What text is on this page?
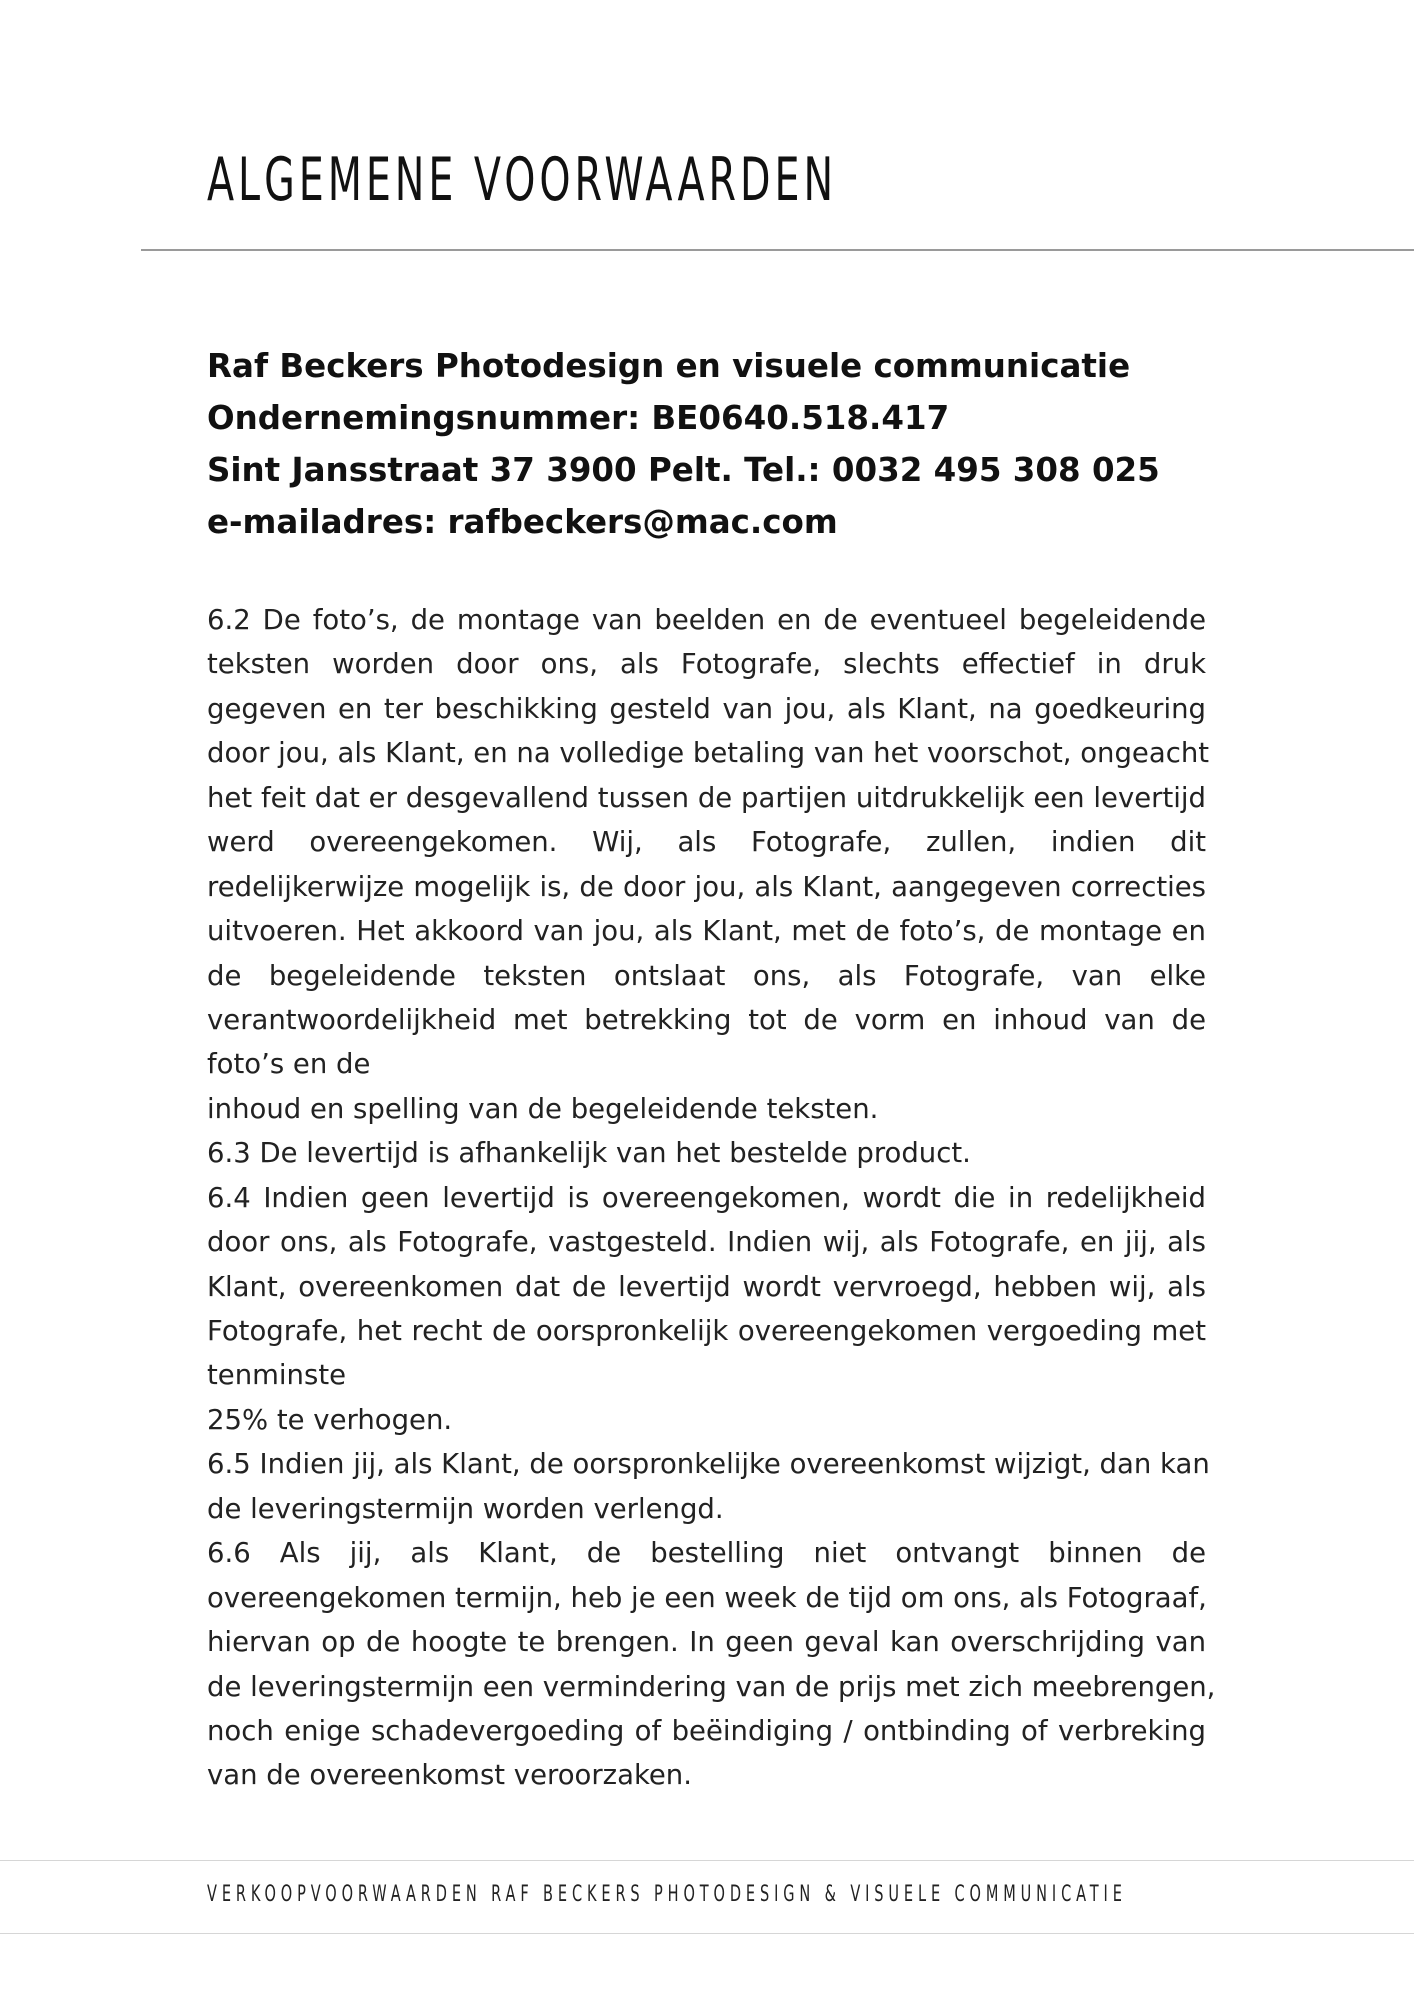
ALGEMENE VOORWAARDEN
Raf Beckers Photodesign en visuele communicatie
Ondernemingsnummer: BE0640.518.417
Sint Jansstraat 37 3900 Pelt. Tel.: 0032 495 308 025
e-mailadres: rafbeckers@mac.com
6.2 De foto’s, de montage van beelden en de eventueel begeleidende
teksten worden door ons, als Fotografe, slechts effectief in druk
gegeven en ter beschikking gesteld van jou, als Klant, na goedkeuring
door jou, als Klant, en na volledige betaling van het voorschot, ongeacht
het feit dat er desgevallend tussen de partijen uitdrukkelijk een levertijd
werd overeengekomen. Wij, als Fotografe, zullen, indien dit
redelijkerwijze mogelijk is, de door jou, als Klant, aangegeven correcties
uitvoeren. Het akkoord van jou, als Klant, met de foto’s, de montage en
de begeleidende teksten ontslaat ons, als Fotografe, van elke
verantwoordelijkheid met betrekking tot de vorm en inhoud van de
foto’s en de
inhoud en spelling van de begeleidende teksten.
6.3 De levertijd is afhankelijk van het bestelde product.
6.4 Indien geen levertijd is overeengekomen, wordt die in redelijkheid
door ons, als Fotografe, vastgesteld. Indien wij, als Fotografe, en jij, als
Klant, overeenkomen dat de levertijd wordt vervroegd, hebben wij, als
Fotografe, het recht de oorspronkelijk overeengekomen vergoeding met
tenminste
25% te verhogen.
6.5 Indien jij, als Klant, de oorspronkelijke overeenkomst wijzigt, dan kan
de leveringstermijn worden verlengd.
6.6 Als jij, als Klant, de bestelling niet ontvangt binnen de
overeengekomen termijn, heb je een week de tijd om ons, als Fotograaf,
hiervan op de hoogte te brengen. In geen geval kan overschrijding van
de leveringstermijn een vermindering van de prijs met zich meebrengen,
noch enige schadevergoeding of beëindiging / ontbinding of verbreking
van de overeenkomst veroorzaken.
VERKOOPVOORWAARDEN RAF BECKERS PHOTODESIGN & VISUELE COMMUNICATIE
